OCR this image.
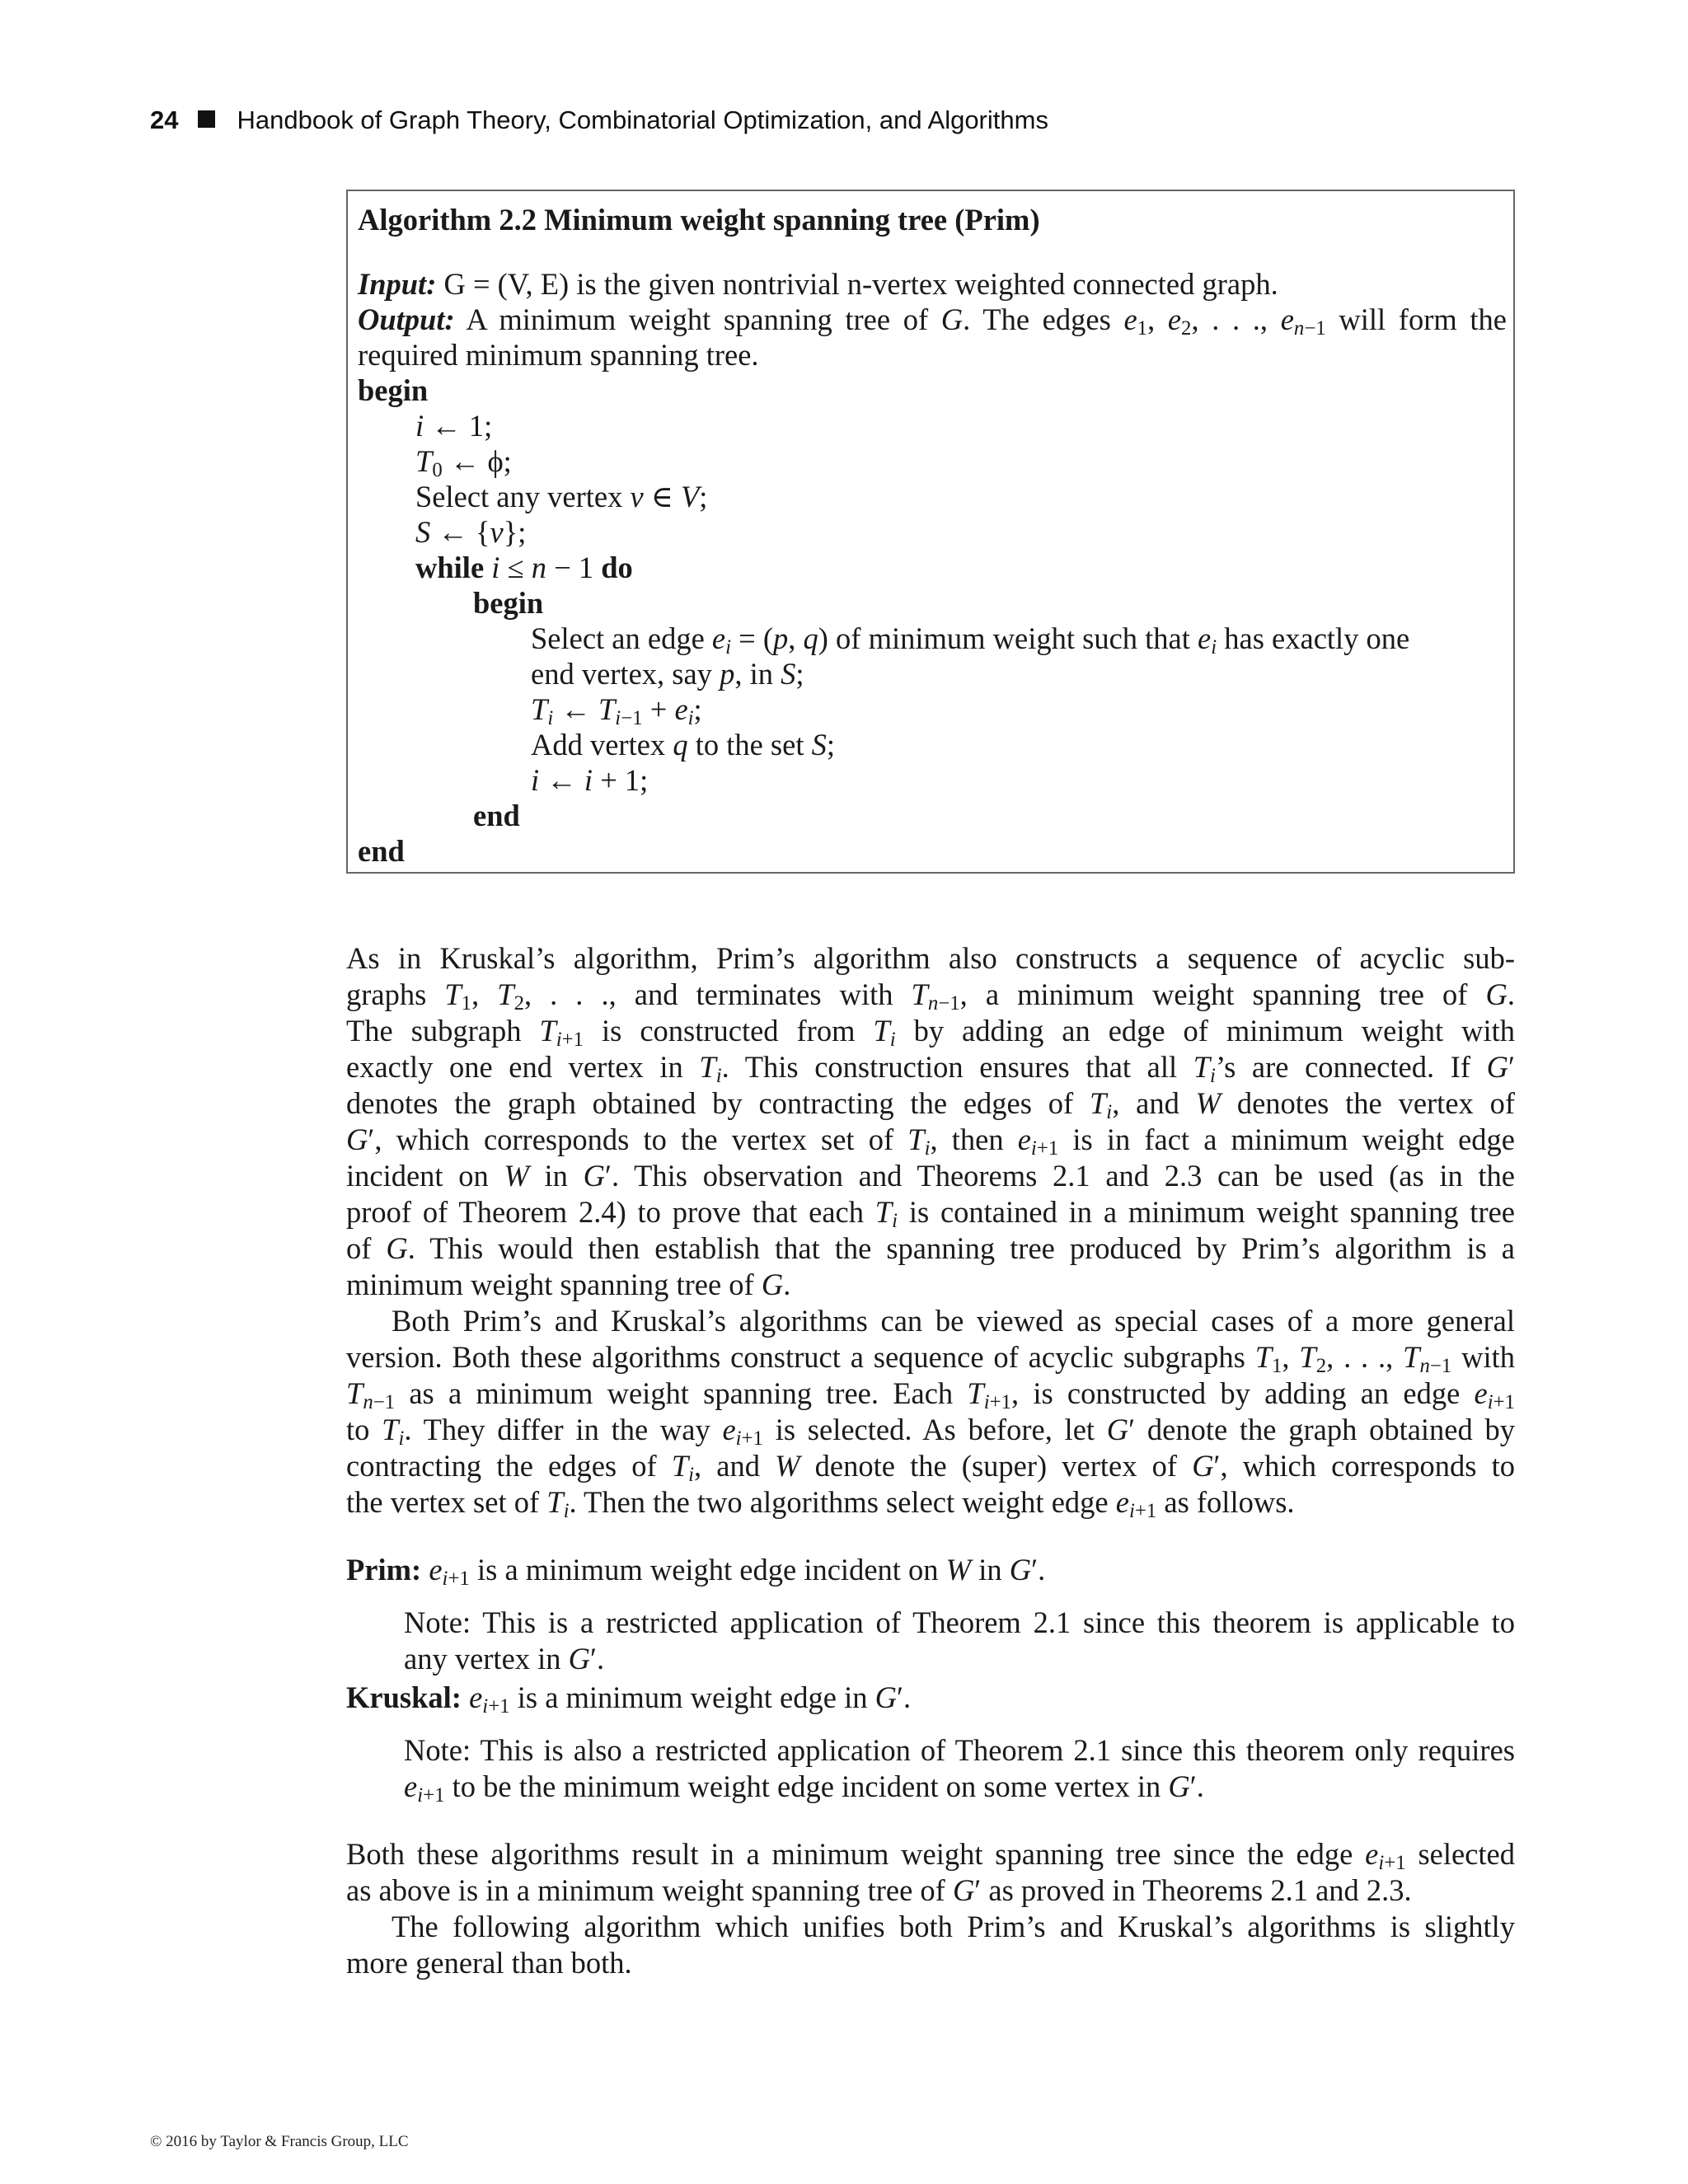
24 Handbook of Graph Theory, Combinatorial Optimization, and Algorithms
Algorithm 2.2 Minimum weight spanning tree (Prim)
Input: G = (V, E) is the given nontrivial n-vertex weighted connected graph.
Output: A minimum weight spanning tree of G. The edges $e_1$, $e_2$, . . ., $e_{n-1}$ will form the
required minimum spanning tree.
begin
i ← 1;
$T_0$ ← ϕ;
Select any vertex v ∈ V;
S ← {v};
while i ≤ n − 1 do
begin
Select an edge $e_i = (p$, q) of minimum weight such that $e_i$ has exactly one
end vertex, say p, in S;
$T_i$ ← $T_{i-1} + e_i$;
Add vertex q to the set S;
i ← i + 1;
end
end
As in Kruskal’s algorithm, Prim’s algorithm also constructs a sequence of acyclic sub-
graphs $T_1$, $T_2$, . . ., and terminates with $T_{n-1}$, a minimum weight spanning tree of G.
The subgraph $T_{i+1}$ is constructed from $T_i$ by adding an edge of minimum weight with
exactly one end vertex in $T_i$. This construction ensures that all $T_i’s$ are connected. If G′
denotes the graph obtained by contracting the edges of $T_i$, and W denotes the vertex of
G′, which corresponds to the vertex set of $T_i$, then $e_{i+1}$ is in fact a minimum weight edge
incident on W in G′. This observation and Theorems 2.1 and 2.3 can be used (as in the
proof of Theorem 2.4) to prove that each $T_i$ is contained in a minimum weight spanning tree
of G. This would then establish that the spanning tree produced by Prim’s algorithm is a
minimum weight spanning tree of G.
Both Prim’s and Kruskal’s algorithms can be viewed as special cases of a more general
version. Both these algorithms construct a sequence of acyclic subgraphs $T_1$, $T_2$, . . ., $T_{n-1}$ with
$T_{n-1}$ as a minimum weight spanning tree. Each $T_{i+1}$, is constructed by adding an edge $e_{i+1}$
to $T_i$. They differ in the way $e_{i+1}$ is selected. As before, let G′ denote the graph obtained by
contracting the edges of $T_i$, and W denote the (super) vertex of G′, which corresponds to
the vertex set of $T_i$. Then the two algorithms select weight edge $e_{i+1}$ as follows.
Prim: $e_{i+1}$ is a minimum weight edge incident on W in G′.
Note: This is a restricted application of Theorem 2.1 since this theorem is applicable to
any vertex in G′.
Kruskal: $e_{i+1}$ is a minimum weight edge in G′.
Note: This is also a restricted application of Theorem 2.1 since this theorem only requires
$e_{i+1}$ to be the minimum weight edge incident on some vertex in G′.
Both these algorithms result in a minimum weight spanning tree since the edge $e_{i+1}$ selected
as above is in a minimum weight spanning tree of G′ as proved in Theorems 2.1 and 2.3.
The following algorithm which unifies both Prim’s and Kruskal’s algorithms is slightly
more general than both.
© 2016 by Taylor & Francis Group, LLC
